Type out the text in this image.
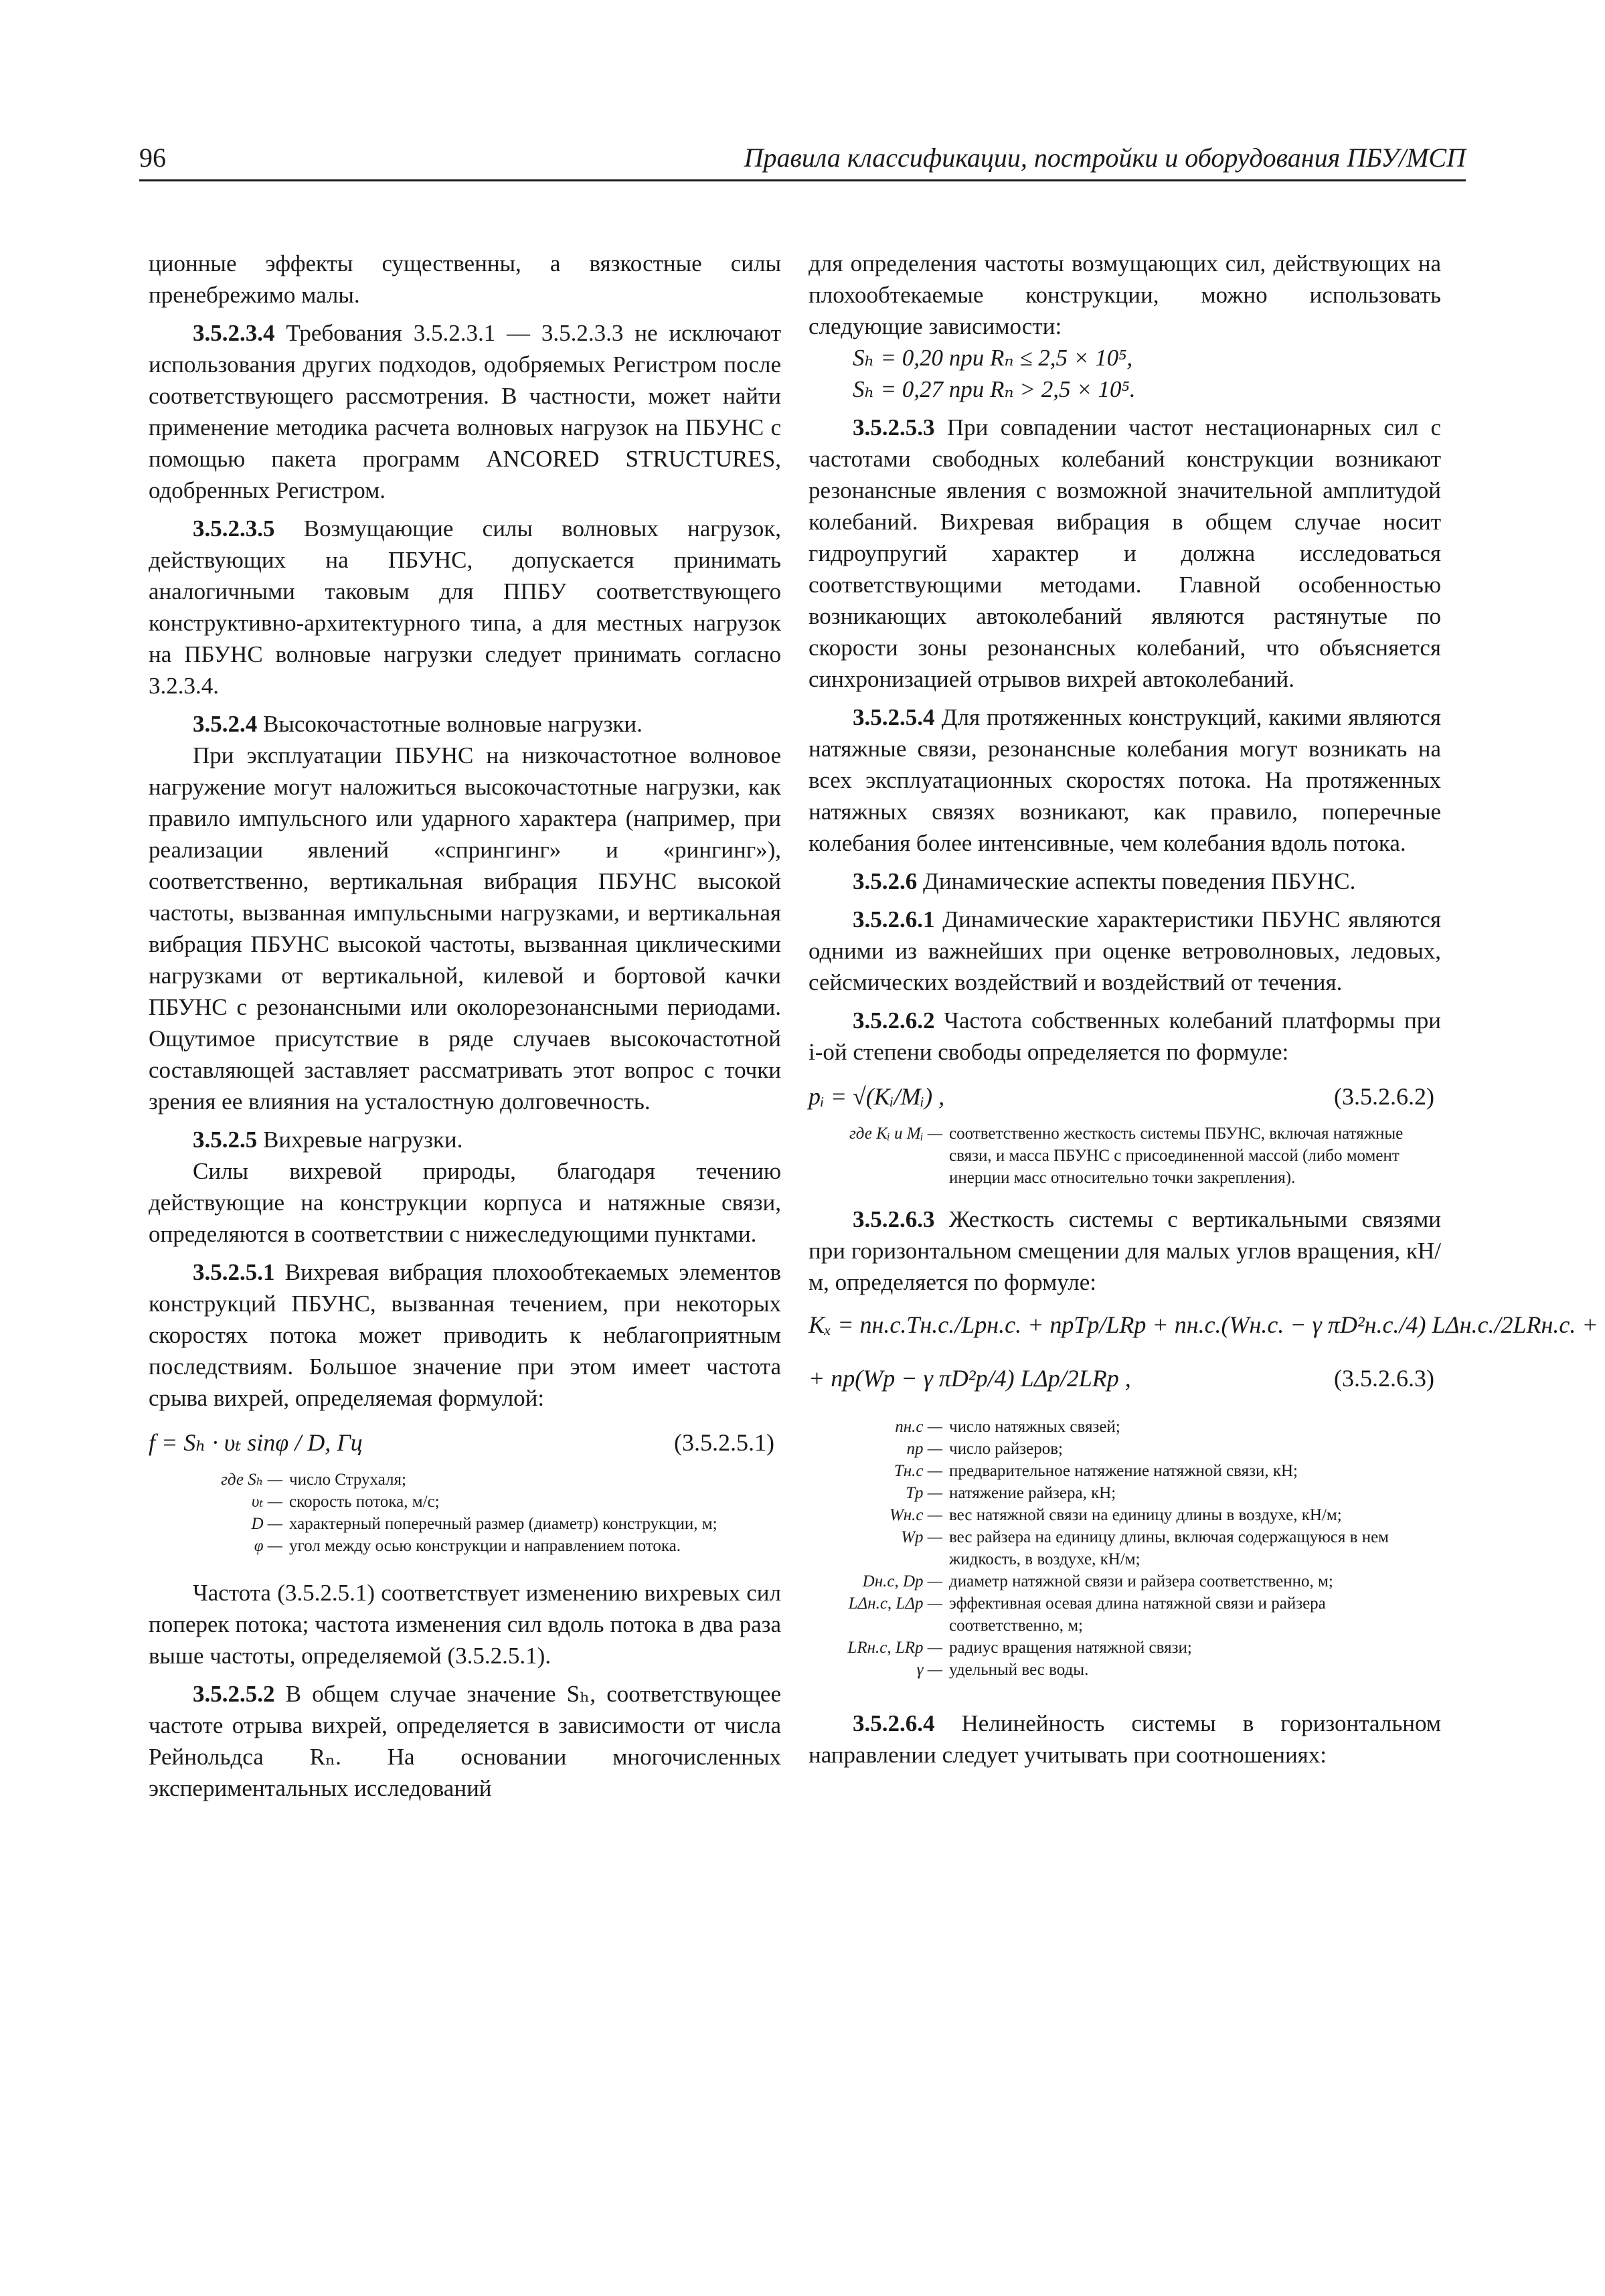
96	Правила классификации, постройки и оборудования ПБУ/МСП

ционные эффекты существенны, а вязкостные силы пренебрежимо малы.

3.5.2.3.4 Требования 3.5.2.3.1 — 3.5.2.3.3 не исключают использования других подходов, одобряемых Регистром после соответствующего рассмотрения. В частности, может найти применение методика расчета волновых нагрузок на ПБУНС с помощью пакета программ ANCORED STRUCTURES, одобренных Регистром.

3.5.2.3.5 Возмущающие силы волновых нагрузок, действующих на ПБУНС, допускается принимать аналогичными таковым для ППБУ соответствующего конструктивно-архитектурного типа, а для местных нагрузок на ПБУНС волновые нагрузки следует принимать согласно 3.2.3.4.

3.5.2.4 Высокочастотные волновые нагрузки.

При эксплуатации ПБУНС на низкочастотное волновое нагружение могут наложиться высокочастотные нагрузки, как правило импульсного или ударного характера (например, при реализации явлений «спрингинг» и «рингинг»), соответственно, вертикальная вибрация ПБУНС высокой частоты, вызванная импульсными нагрузками, и вертикальная вибрация ПБУНС высокой частоты, вызванная циклическими нагрузками от вертикальной, килевой и бортовой качки ПБУНС с резонансными или околорезонансными периодами. Ощутимое присутствие в ряде случаев высокочастотной составляющей заставляет рассматривать этот вопрос с точки зрения ее влияния на усталостную долговечность.

3.5.2.5 Вихревые нагрузки.

Силы вихревой природы, благодаря течению действующие на конструкции корпуса и натяжные связи, определяются в соответствии с нижеследующими пунктами.

3.5.2.5.1 Вихревая вибрация плохообтекаемых элементов конструкций ПБУНС, вызванная течением, при некоторых скоростях потока может приводить к неблагоприятным последствиям. Большое значение при этом имеет частота срыва вихрей, определяемая формулой:

f = Sₕ · υₜ sinφ / D, Гц	(3.5.2.5.1)
где Sₕ — число Струхаля;
υₜ — скорость потока, м/с;
D — характерный поперечный размер (диаметр) конструкции, м;
φ — угол между осью конструкции и направлением потока.

Частота (3.5.2.5.1) соответствует изменению вихревых сил поперек потока; частота изменения сил вдоль потока в два раза выше частоты, определяемой (3.5.2.5.1).

3.5.2.5.2 В общем случае значение Sₕ, соответствующее частоте отрыва вихрей, определяется в зависимости от числа Рейнольдса Rₙ. На основании многочисленных экспериментальных исследований

для определения частоты возмущающих сил, действующих на плохообтекаемые конструкции, можно использовать следующие зависимости:

Sₕ = 0,20 при Rₙ ≤ 2,5 × 10⁵,

Sₕ = 0,27 при Rₙ > 2,5 × 10⁵.

3.5.2.5.3 При совпадении частот нестационарных сил с частотами свободных колебаний конструкции возникают резонансные явления с возможной значительной амплитудой колебаний. Вихревая вибрация в общем случае носит гидроупругий характер и должна исследоваться соответствующими методами. Главной особенностью возникающих автоколебаний являются растянутые по скорости зоны резонансных колебаний, что объясняется синхронизацией отрывов вихрей автоколебаний.

3.5.2.5.4 Для протяженных конструкций, какими являются натяжные связи, резонансные колебания могут возникать на всех эксплуатационных скоростях потока. На протяженных натяжных связях возникают, как правило, поперечные колебания более интенсивные, чем колебания вдоль потока.

3.5.2.6 Динамические аспекты поведения ПБУНС.

3.5.2.6.1 Динамические характеристики ПБУНС являются одними из важнейших при оценке ветроволновых, ледовых, сейсмических воздействий и воздействий от течения.

3.5.2.6.2 Частота собственных колебаний платформы при i-ой степени свободы определяется по формуле:

pᵢ = √(Kᵢ/Mᵢ) ,	(3.5.2.6.2)
где Kᵢ и Mᵢ — соответственно жесткость системы ПБУНС, включая натяжные связи, и масса ПБУНС с присоединенной массой (либо момент инерции масс относительно точки закрепления).

3.5.2.6.3 Жесткость системы с вертикальными связями при горизонтальном смещении для малых углов вращения, кН/м, определяется по формуле:

Kₓ = nн.с.Tн.с./Lрн.с. + nрTр/LRp + nн.с.(Wн.с. − γ πD²н.с./4) LΔн.с./2LRн.с. +
+ nр(Wр − γ πD²р/4) LΔр/2LRp ,	(3.5.2.6.3)
nн.с — число натяжных связей;
nр — число райзеров;
Tн.с — предварительное натяжение натяжной связи, кН;
Tр — натяжение райзера, кН;
Wн.с — вес натяжной связи на единицу длины в воздухе, кН/м;
Wр — вес райзера на единицу длины, включая содержащуюся в нем жидкость, в воздухе, кН/м;
Dн.с, Dр — диаметр натяжной связи и райзера соответственно, м;
LΔн.с, LΔр — эффективная осевая длина натяжной связи и райзера соответственно, м;
LRн.с, LRp — радиус вращения натяжной связи;
γ — удельный вес воды.

3.5.2.6.4 Нелинейность системы в горизонтальном направлении следует учитывать при соотношениях:
